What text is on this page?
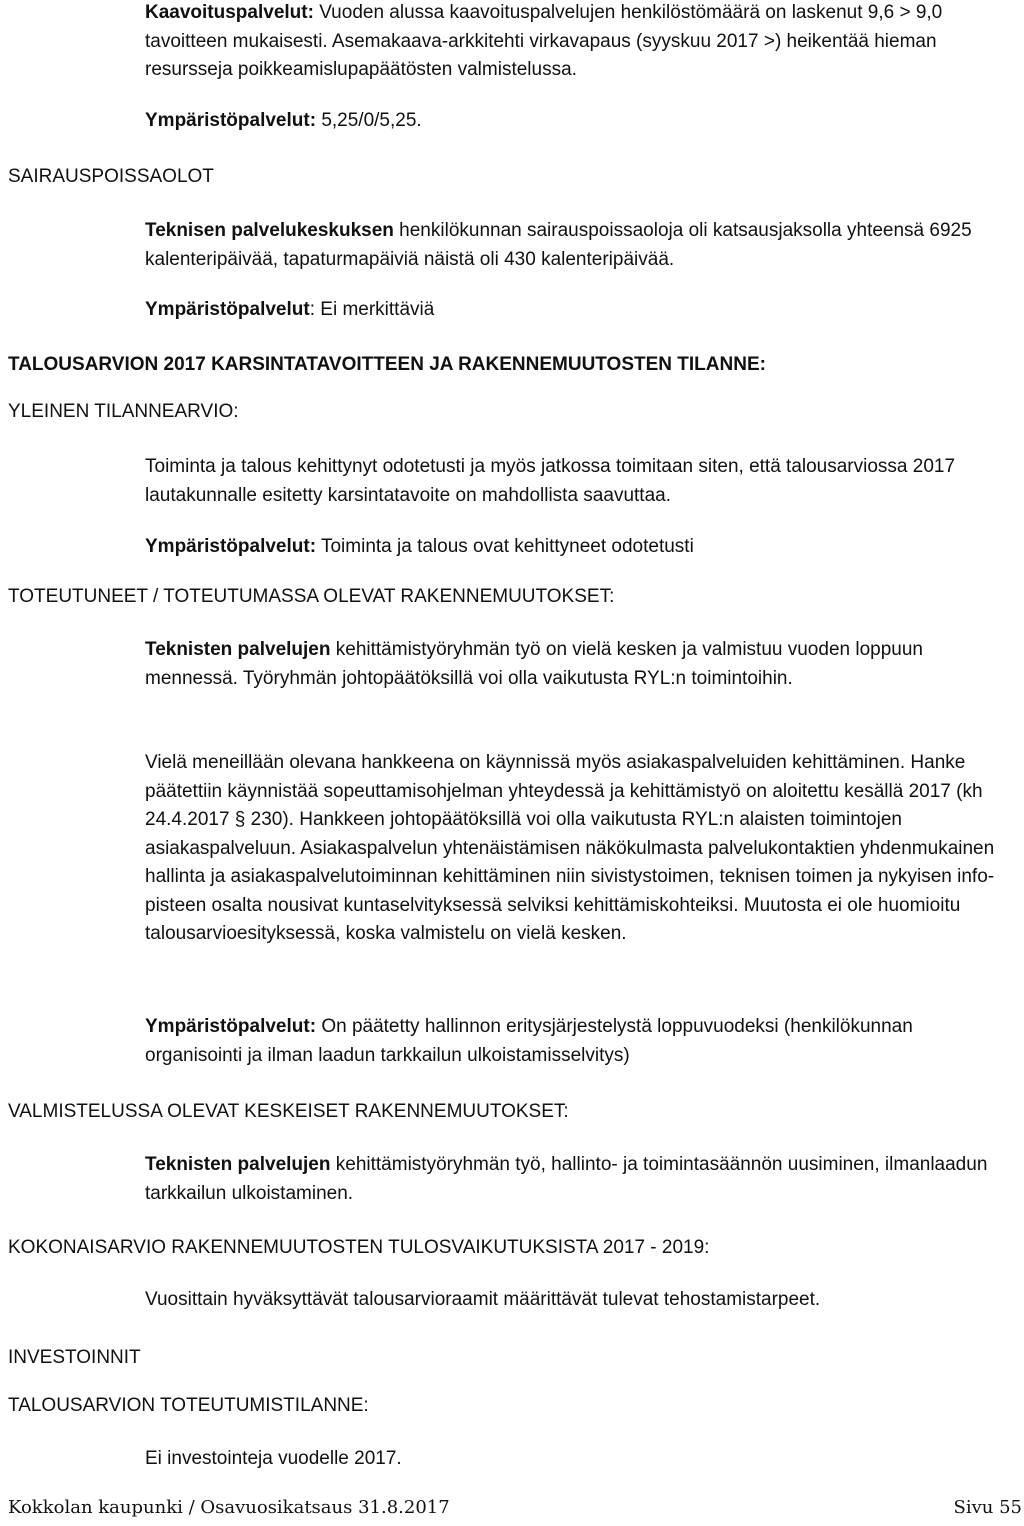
Kaavoituspalvelut: Vuoden alussa kaavoituspalvelujen henkilöstömäärä on laskenut 9,6 > 9,0 tavoitteen mukaisesti. Asemakaava-arkkitehti virkavapaus (syyskuu 2017 >) heikentää hieman resursseja poikkeamislupapäätösten valmistelussa.

Ympäristöpalvelut: 5,25/0/5,25.

SAIRAUSPOISSAOLOT

Teknisen palvelukeskuksen henkilökunnan sairauspoissaoloja oli katsausjaksolla yhteensä 6925 kalenteripäivää, tapaturmapäiviä näistä oli 430 kalenteripäivää.

Ympäristöpalvelut: Ei merkittäviä

TALOUSARVION 2017 KARSINTATAVOITTEEN JA RAKENNEMUUTOSTEN TILANNE:

YLEINEN TILANNEARVIO:

Toiminta ja talous kehittynyt odotetusti ja myös jatkossa toimitaan siten, että talousarviossa 2017 lautakunnalle esitetty karsintatavoite on mahdollista saavuttaa.

Ympäristöpalvelut: Toiminta ja talous ovat kehittyneet odotetusti

TOTEUTUNEET / TOTEUTUMASSA OLEVAT RAKENNEMUUTOKSET:

Teknisten palvelujen kehittämistyöryhmän työ on vielä kesken ja valmistuu vuoden loppuun mennessä. Työryhmän johtopäätöksillä voi olla vaikutusta RYL:n toimintoihin.

Vielä meneillään olevana hankkeena on käynnissä myös asiakaspalveluiden kehittäminen. Hanke päätettiin käynnistää sopeuttamisohjelman yhteydessä ja kehittämistyö on aloitettu kesällä 2017 (kh 24.4.2017 § 230). Hankkeen johtopäätöksillä voi olla vaikutusta RYL:n alaisten toimintojen asiakaspalveluun. Asiakaspalvelun yhtenäistämisen näkökulmasta palvelukontaktien yhdenmukainen hallinta ja asiakaspalvelutoiminnan kehittäminen niin sivistystoimen, teknisen toimen ja nykyisen info-pisteen osalta nousivat kuntaselvityksessä selviksi kehittämiskohteiksi. Muutosta ei ole huomioitu talousarvioesityksessä, koska valmistelu on vielä kesken.

Ympäristöpalvelut: On päätetty hallinnon eritysjärjestelystä loppuvuodeksi (henkilökunnan organisointi ja ilman laadun tarkkailun ulkoistamisselvitys)

VALMISTELUSSA OLEVAT KESKEISET RAKENNEMUUTOKSET:

Teknisten palvelujen kehittämistyöryhmän työ, hallinto- ja toimintasäännön uusiminen, ilmanlaadun tarkkailun ulkoistaminen.

KOKONAISARVIO RAKENNEMUUTOSTEN TULOSVAIKUTUKSISTA 2017 - 2019:

Vuosittain hyväksyttävät talousarvioraamit määrittävät tulevat tehostamistarpeet.

INVESTOINNIT

TALOUSARVION TOTEUTUMISTILANNE:

Ei investointeja vuodelle 2017.

Kokkolan kaupunki / Osavuosikatsaus 31.8.2017	Sivu 55
